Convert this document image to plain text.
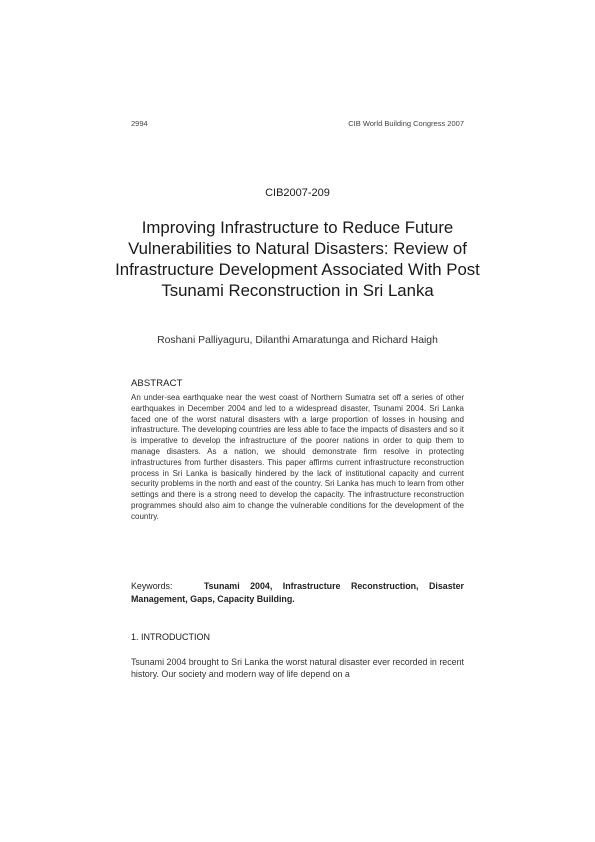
2994	CIB World Building Congress 2007
CIB2007-209
Improving Infrastructure to Reduce Future Vulnerabilities to Natural Disasters: Review of Infrastructure Development Associated With Post Tsunami Reconstruction in Sri Lanka
Roshani Palliyaguru, Dilanthi Amaratunga and Richard Haigh
ABSTRACT
An under-sea earthquake near the west coast of Northern Sumatra set off a series of other earthquakes in December 2004 and led to a widespread disaster, Tsunami 2004. Sri Lanka faced one of the worst natural disasters with a large proportion of losses in housing and infrastructure. The developing countries are less able to face the impacts of disasters and so it is imperative to develop the infrastructure of the poorer nations in order to quip them to manage disasters. As a nation, we should demonstrate firm resolve in protecting infrastructures from further disasters. This paper affirms current infrastructure reconstruction process in Sri Lanka is basically hindered by the lack of institutional capacity and current security problems in the north and east of the country. Sri Lanka has much to learn from other settings and there is a strong need to develop the capacity. The infrastructure reconstruction programmes should also aim to change the vulnerable conditions for the development of the country.
Keywords:	Tsunami 2004, Infrastructure Reconstruction, Disaster Management, Gaps, Capacity Building.
1. INTRODUCTION
Tsunami 2004 brought to Sri Lanka the worst natural disaster ever recorded in recent history. Our society and modern way of life depend on a
